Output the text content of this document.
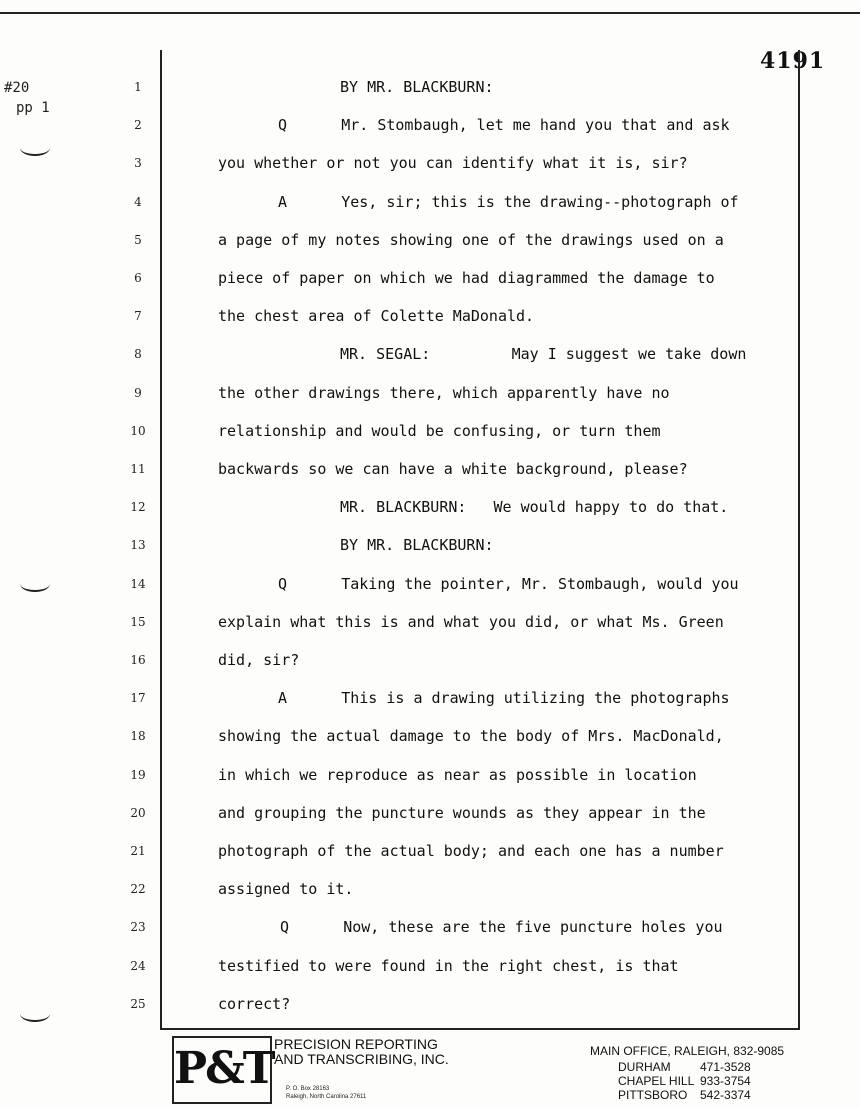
#20
pp 1
4191
1	BY MR. BLACKBURN:
2	Q      Mr. Stombaugh, let me hand you that and ask
3	you whether or not you can identify what it is, sir?
4	A      Yes, sir; this is the drawing--photograph of
5	a page of my notes showing one of the drawings used on a
6	piece of paper on which we had diagrammed the damage to
7	the chest area of Colette MaDonald.
8	MR. SEGAL:         May I suggest we take down
9	the other drawings there, which apparently have no
10	relationship and would be confusing, or turn them
11	backwards so we can have a white background, please?
12	MR. BLACKBURN:   We would happy to do that.
13	BY MR. BLACKBURN:
14	Q      Taking the pointer, Mr. Stombaugh, would you
15	explain what this is and what you did, or what Ms. Green
16	did, sir?
17	A      This is a drawing utilizing the photographs
18	showing the actual damage to the body of Mrs. MacDonald,
19	in which we reproduce as near as possible in location
20	and grouping the puncture wounds as they appear in the
21	photograph of the actual body; and each one has a number
22	assigned to it.
23	Q      Now, these are the five puncture holes you
24	testified to were found in the right chest, is that
25	correct?
P&T PRECISION REPORTING
AND TRANSCRIBING, INC.
P. O. Box 28163
Raleigh, North Carolina 27611
MAIN OFFICE, RALEIGH, 832-9085
DURHAM 471-3528
CHAPEL HILL 933-3754
PITTSBORO 542-3374
